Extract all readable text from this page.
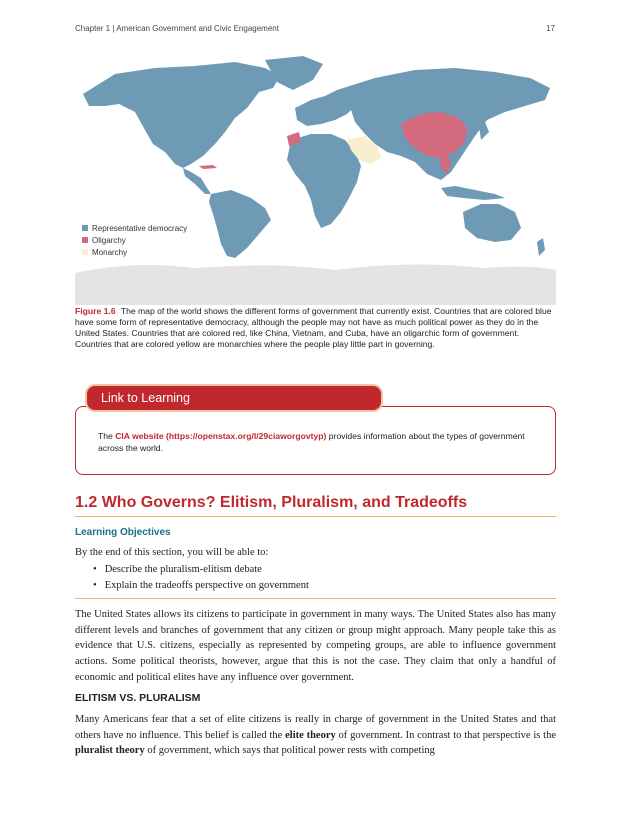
Chapter 1 | American Government and Civic Engagement	17
Representative democracy
Oligarchy
Monarchy
Figure 1.6 The map of the world shows the different forms of government that currently exist. Countries that are colored blue have some form of representative democracy, although the people may not have as much political power as they do in the United States. Countries that are colored red, like China, Vietnam, and Cuba, have an oligarchic form of government. Countries that are colored yellow are monarchies where the people play little part in governing.
Link to Learning
The CIA website (https://openstax.org/l/29ciaworgovtyp) provides information about the types of government across the world.
1.2 Who Governs? Elitism, Pluralism, and Tradeoffs
Learning Objectives
By the end of this section, you will be able to:
• Describe the pluralism-elitism debate
• Explain the tradeoffs perspective on government

The United States allows its citizens to participate in government in many ways. The United States also has many different levels and branches of government that any citizen or group might approach. Many people take this as evidence that U.S. citizens, especially as represented by competing groups, are able to influence government actions. Some political theorists, however, argue that this is not the case. They claim that only a handful of economic and political elites have any influence over government.

ELITISM VS. PLURALISM

Many Americans fear that a set of elite citizens is really in charge of government in the United States and that others have no influence. This belief is called the elite theory of government. In contrast to that perspective is the pluralist theory of government, which says that political power rests with competing
